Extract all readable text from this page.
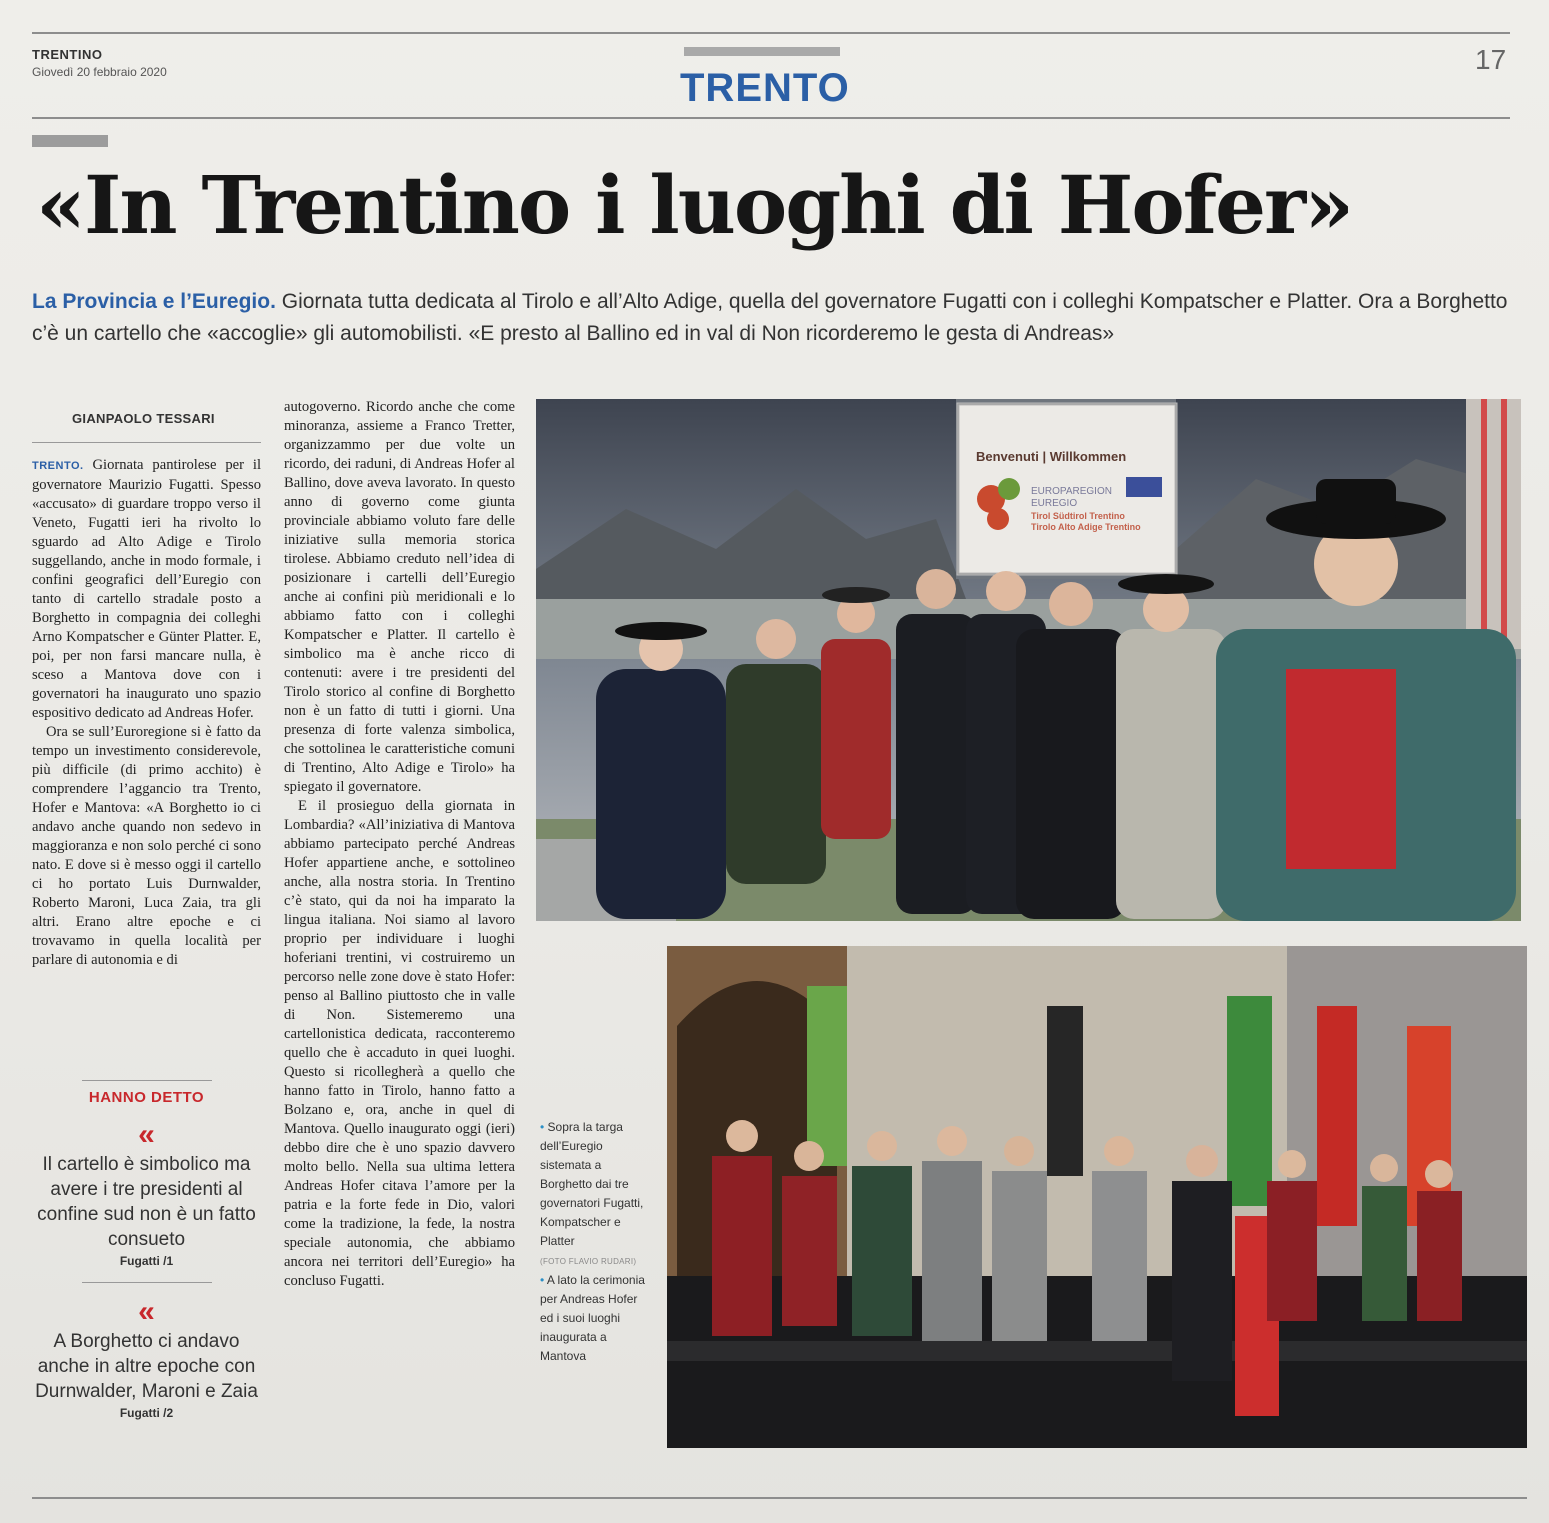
TRENTINO
Giovedì 20 febbraio 2020	TRENTO
17
«In Trentino i luoghi di Hofer»
La Provincia e l’Euregio. Giornata tutta dedicata al Tirolo e all’Alto Adige, quella del governatore Fugatti con i colleghi Kompatscher e Platter. Ora a Borghetto c’è un cartello che «accoglie» gli automobilisti. «E presto al Ballino ed in val di Non ricorderemo le gesta di Andreas»
GIANPAOLO TESSARI

TRENTO. Giornata pantirolese per il governatore Maurizio Fugatti. Spesso «accusato» di guardare troppo verso il Veneto, Fugatti ieri ha rivolto lo sguardo ad Alto Adige e Tirolo suggellando, anche in modo formale, i confini geografici dell’Euregio con tanto di cartello stradale posto a Borghetto in compagnia dei colleghi Arno Kompatscher e Günter Platter. E, poi, per non farsi mancare nulla, è sceso a Mantova dove con i governatori ha inaugurato uno spazio espositivo dedicato ad Andreas Hofer.

Ora se sull’Euroregione si è fatto da tempo un investimento considerevole, più difficile (di primo acchito) è comprendere l’aggancio tra Trento, Hofer e Mantova: «A Borghetto io ci andavo anche quando non sedevo in maggioranza e non solo perché ci sono nato. E dove si è messo oggi il cartello ci ho portato Luis Durnwalder, Roberto Maroni, Luca Zaia, tra gli altri. Erano altre epoche e ci trovavamo in quella località per parlare di autonomia e di

HANNO DETTO
«
Il cartello è simbolico ma avere i tre presidenti al confine sud non è un fatto consueto
Fugatti /1
«
A Borghetto ci andavo anche in altre epoche con Durnwalder, Maroni e Zaia
Fugatti /2

autogoverno. Ricordo anche che come minoranza, assieme a Franco Tretter, organizzammo per due volte un ricordo, dei raduni, di Andreas Hofer al Ballino, dove aveva lavorato. In questo anno di governo come giunta provinciale abbiamo voluto fare delle iniziative sulla memoria storica tirolese. Abbiamo creduto nell’idea di posizionare i cartelli dell’Euregio anche ai confini più meridionali e lo abbiamo fatto con i colleghi Kompatscher e Platter. Il cartello è simbolico ma è anche ricco di contenuti: avere i tre presidenti del Tirolo storico al confine di Borghetto non è un fatto di tutti i giorni. Una presenza di forte valenza simbolica, che sottolinea le caratteristiche comuni di Trentino, Alto Adige e Tirolo» ha spiegato il governatore.

E il prosieguo della giornata in Lombardia? «All’iniziativa di Mantova abbiamo partecipato perché Andreas Hofer appartiene anche, e sottolineo anche, alla nostra storia. In Trentino c’è stato, qui da noi ha imparato la lingua italiana. Noi siamo al lavoro proprio per individuare i luoghi hoferiani trentini, vi costruiremo un percorso nelle zone dove è stato Hofer: penso al Ballino piuttosto che in valle di Non. Sistemeremo una cartellonistica dedicata, racconteremo quello che è accaduto in quei luoghi. Questo si ricollegherà a quello che hanno fatto in Tirolo, hanno fatto a Bolzano e, ora, anche in quel di Mantova. Quello inaugurato oggi (ieri) debbo dire che è uno spazio davvero molto bello. Nella sua ultima lettera Andreas Hofer citava l’amore per la patria e la forte fede in Dio, valori come la tradizione, la fede, la nostra speciale autonomia, che abbiamo ancora nei territori dell’Euregio» ha concluso Fugatti.

Benvenuti | Willkommen
EUROPAREGION
EUREGIO
Tirol Südtirol Trentino
Tirolo Alto Adige Trentino
• Sopra la targa dell’Euregio sistemata a Borghetto dai tre governatori Fugatti, Kompatscher e Platter
(FOTO FLAVIO RUDARI)
• A lato la cerimonia per Andreas Hofer ed i suoi luoghi inaugurata a Mantova
